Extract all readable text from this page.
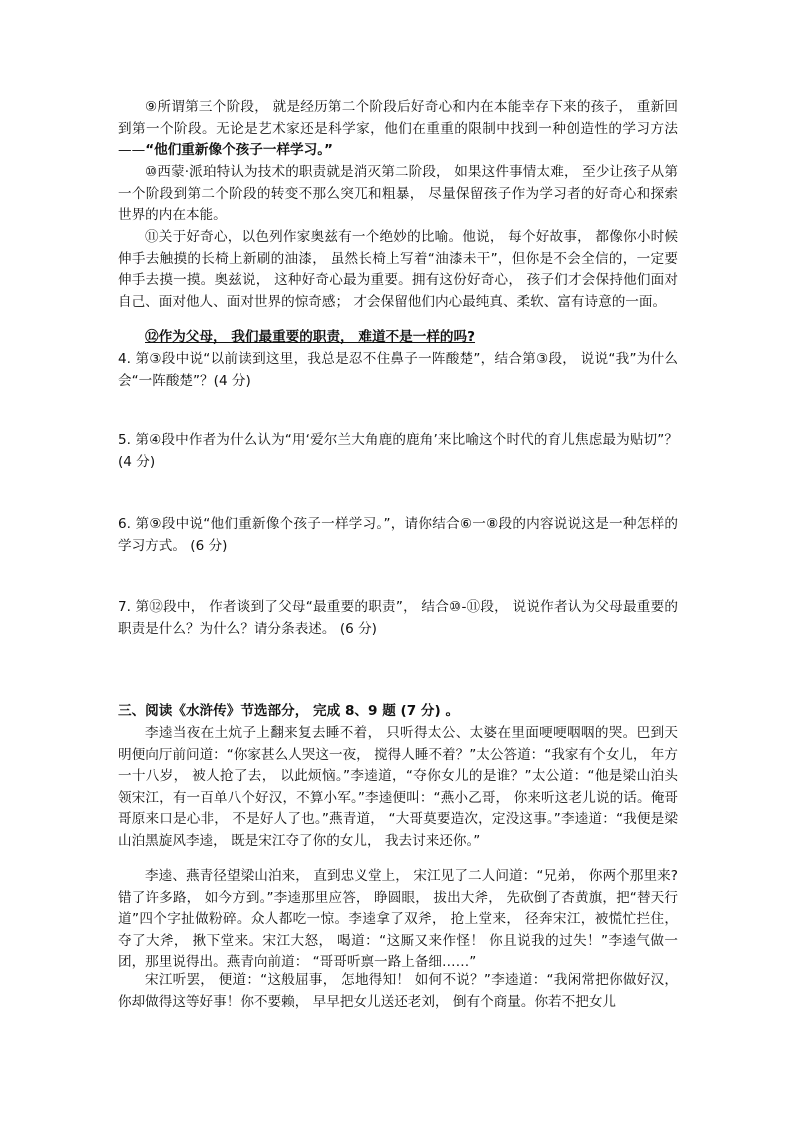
⑨所谓第三个阶段， 就是经历第二个阶段后好奇心和内在本能幸存下来的孩子， 重新回到第一个阶段。无论是艺术家还是科学家，他们在重重的限制中找到一种创造性的学习方法——“他们重新像个孩子一样学习。”

⑩西蒙·派珀特认为技术的职责就是消灭第二阶段， 如果这件事情太难， 至少让孩子从第一个阶段到第二个阶段的转变不那么突兀和粗暴， 尽量保留孩子作为学习者的好奇心和探索世界的内在本能。

⑪关于好奇心，以色列作家奥兹有一个绝妙的比喻。他说， 每个好故事， 都像你小时候伸手去触摸的长椅上新刷的油漆， 虽然长椅上写着“油漆未干”，但你是不会全信的，一定要伸手去摸一摸。奥兹说， 这种好奇心最为重要。拥有这份好奇心， 孩子们才会保持他们面对自己、面对他人、面对世界的惊奇感； 才会保留他们内心最纯真、柔软、富有诗意的一面。

⑫作为父母， 我们最重要的职责， 难道不是一样的吗?

4. 第③段中说“以前读到这里，我总是忍不住鼻子一阵酸楚”，结合第③段， 说说“我”为什么会“一阵酸楚”？(4 分)

5. 第④段中作者为什么认为“用‘爱尔兰大角鹿的鹿角’来比喻这个时代的育儿焦虑最为贴切”？(4 分)

6. 第⑨段中说“他们重新像个孩子一样学习。”，请你结合⑥一⑧段的内容说说这是一种怎样的学习方式。 (6 分)

7. 第⑫段中， 作者谈到了父母“最重要的职责”， 结合⑩-⑪段， 说说作者认为父母最重要的职责是什么？为什么？请分条表述。 (6 分)

三、阅读《水浒传》节选部分， 完成 8、9 题 (7 分) 。

李逵当夜在土炕子上翻来复去睡不着， 只听得太公、太婆在里面哽哽咽咽的哭。巴到天明便向厅前问道：“你家甚么人哭这一夜， 搅得人睡不着？”太公答道：“我家有个女儿， 年方一十八岁， 被人抢了去， 以此烦恼。”李逵道，“夺你女儿的是谁？”太公道：“他是梁山泊头领宋江，有一百单八个好汉，不算小军。”李逵便叫：“燕小乙哥， 你来听这老儿说的话。俺哥哥原来口是心非， 不是好人了也。”燕青道， “大哥莫要造次，定没这事。”李逵道：“我便是梁山泊黑旋风李逵， 既是宋江夺了你的女儿， 我去讨来还你。”

李逵、燕青径望梁山泊来， 直到忠义堂上， 宋江见了二人问道：“兄弟， 你两个那里来?错了许多路， 如今方到。”李逵那里应答， 睁圆眼， 拔出大斧， 先砍倒了杏黄旗，把“替天行道”四个字扯做粉碎。众人都吃一惊。李逵拿了双斧， 抢上堂来， 径奔宋江，被慌忙拦住， 夺了大斧， 揪下堂来。宋江大怒， 喝道：“这厮又来作怪！ 你且说我的过失！”李逵气做一团，那里说得出。燕青向前道： “哥哥听禀一路上备细……”

宋江听罢， 便道：“这般屈事， 怎地得知！ 如何不说？”李逵道：“我闲常把你做好汉，你却做得这等好事！你不要赖， 早早把女儿送还老刘， 倒有个商量。你若不把女儿
